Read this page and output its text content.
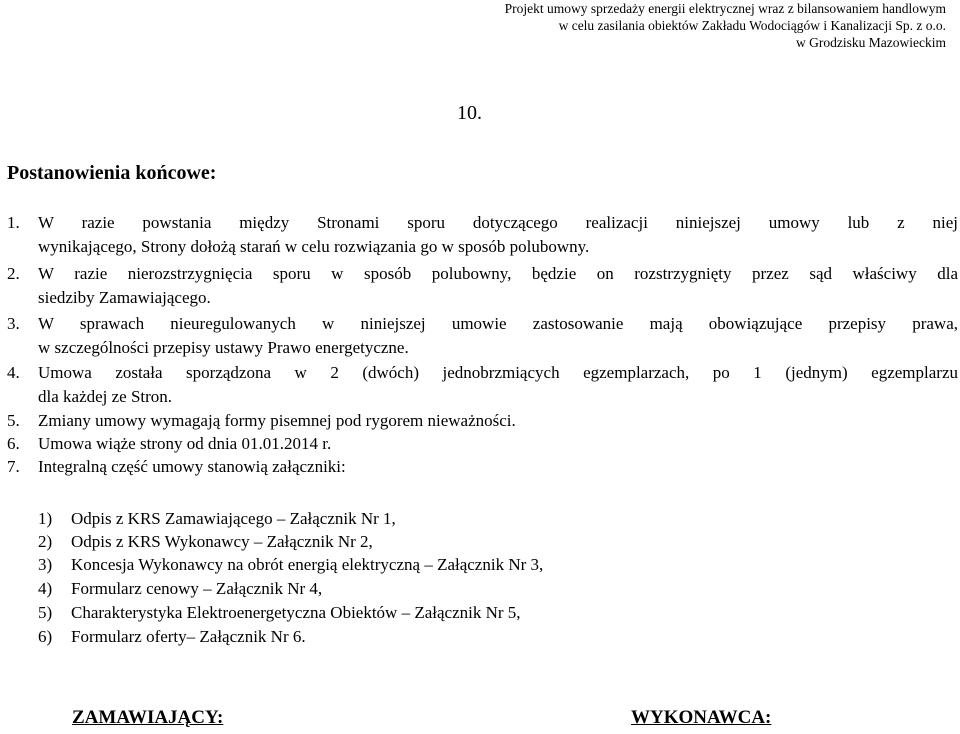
Projekt umowy sprzedaży energii elektrycznej wraz z bilansowaniem handlowym
w celu zasilania obiektów Zakładu Wodociągów i Kanalizacji Sp. z o.o.
w Grodzisku Mazowieckim
10.
Postanowienia końcowe:
1. W razie powstania między Stronami sporu dotyczącego realizacji niniejszej umowy lub z niej
wynikającego, Strony dołożą starań w celu rozwiązania go w sposób polubowny.
2. W razie nierozstrzygnięcia sporu w sposób polubowny, będzie on rozstrzygnięty przez sąd właściwy dla
siedziby Zamawiającego.
3. W sprawach nieuregulowanych w niniejszej umowie zastosowanie mają obowiązujące przepisy prawa,
w szczególności przepisy ustawy Prawo energetyczne.
4. Umowa została sporządzona w 2 (dwóch) jednobrzmiących egzemplarzach, po 1 (jednym) egzemplarzu
dla każdej ze Stron.
5. Zmiany umowy wymagają formy pisemnej pod rygorem nieważności.
6. Umowa wiąże strony od dnia 01.01.2014 r.
7. Integralną część umowy stanowią załączniki:
1) Odpis z KRS Zamawiającego – Załącznik Nr 1,
2) Odpis z KRS Wykonawcy – Załącznik Nr 2,
3) Koncesja Wykonawcy na obrót energią elektryczną – Załącznik Nr 3,
4) Formularz cenowy – Załącznik Nr 4,
5) Charakterystyka Elektroenergetyczna Obiektów – Załącznik Nr 5,
6) Formularz oferty– Załącznik Nr 6.
ZAMAWIAJĄCY:	WYKONAWCA:
